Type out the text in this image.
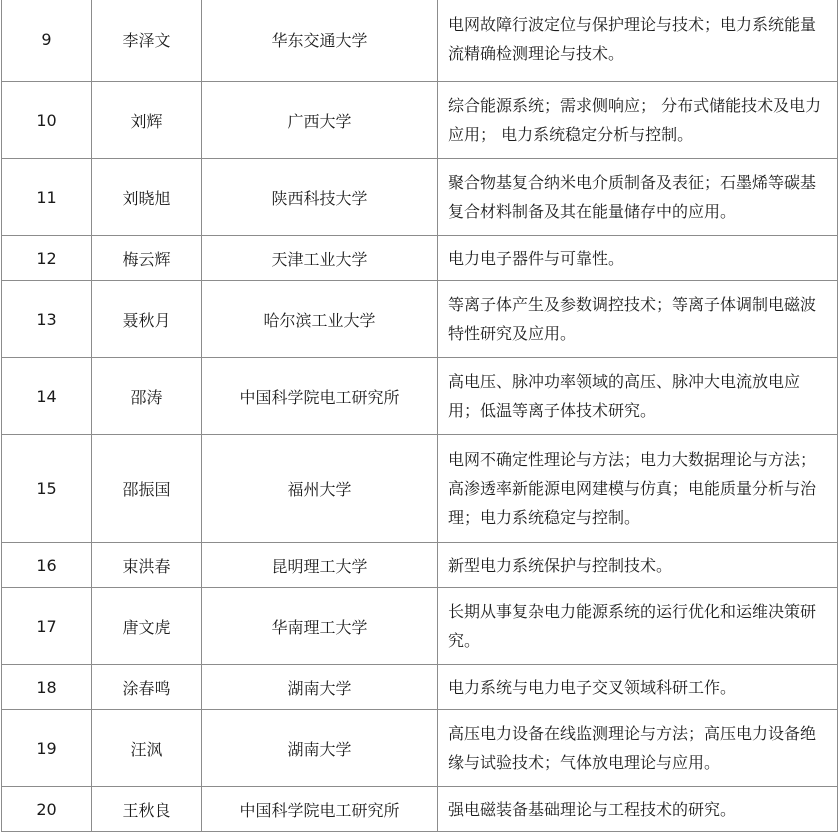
9	李泽文	华东交通大学	电网故障行波定位与保护理论与技术；电力系统能量流精确检测理论与技术。
10	刘辉	广西大学	综合能源系统；需求侧响应； 分布式储能技术及电力应用； 电力系统稳定分析与控制。
11	刘晓旭	陕西科技大学	聚合物基复合纳米电介质制备及表征；石墨烯等碳基复合材料制备及其在能量储存中的应用。
12	梅云辉	天津工业大学	电力电子器件与可靠性。
13	聂秋月	哈尔滨工业大学	等离子体产生及参数调控技术；等离子体调制电磁波特性研究及应用。
14	邵涛	中国科学院电工研究所	高电压、脉冲功率领域的高压、脉冲大电流放电应用；低温等离子体技术研究。
15	邵振国	福州大学	电网不确定性理论与方法；电力大数据理论与方法；高渗透率新能源电网建模与仿真；电能质量分析与治理；电力系统稳定与控制。
16	束洪春	昆明理工大学	新型电力系统保护与控制技术。
17	唐文虎	华南理工大学	长期从事复杂电力能源系统的运行优化和运维决策研究。
18	涂春鸣	湖南大学	电力系统与电力电子交叉领域科研工作。
19	汪沨	湖南大学	高压电力设备在线监测理论与方法；高压电力设备绝缘与试验技术；气体放电理论与应用。
20	王秋良	中国科学院电工研究所	强电磁装备基础理论与工程技术的研究。
